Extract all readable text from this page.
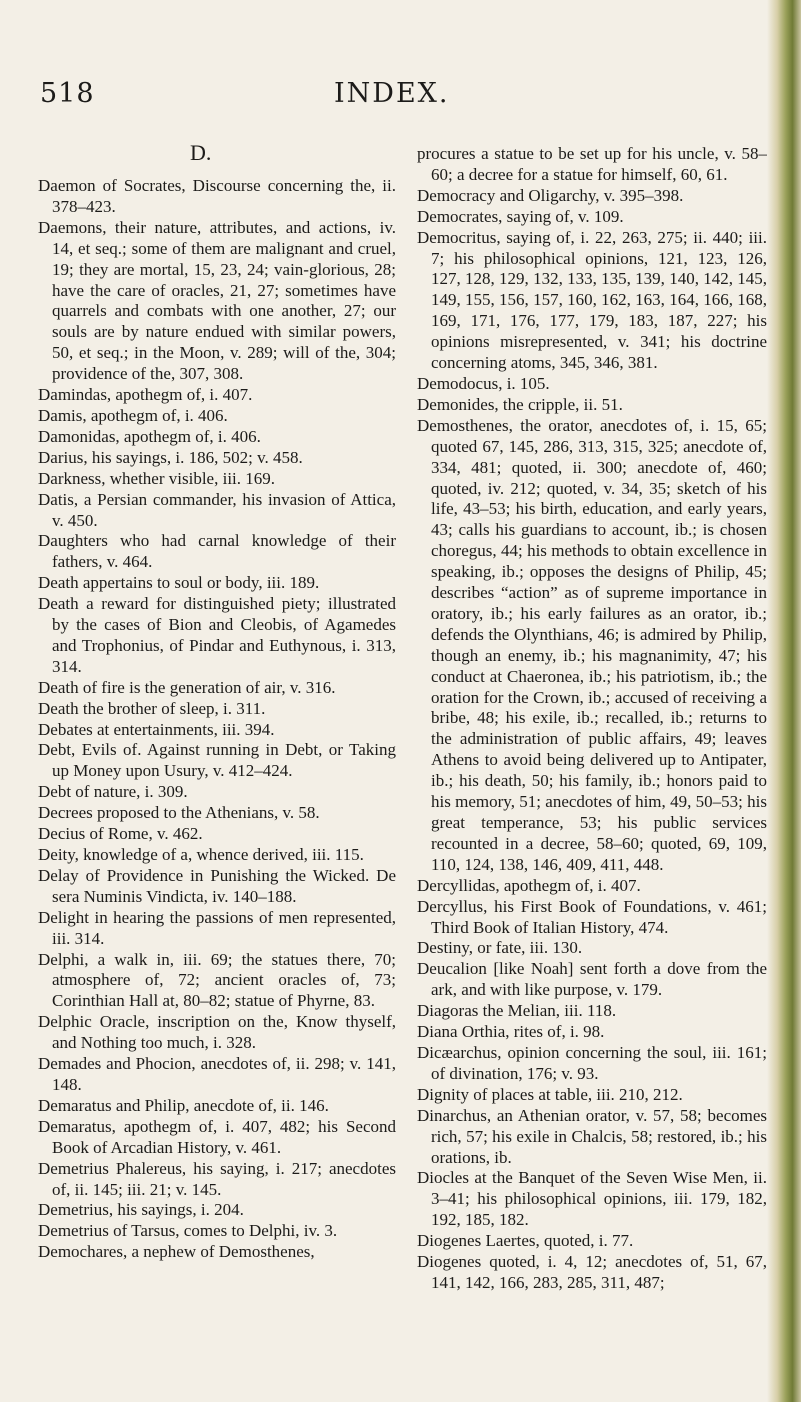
518	INDEX.
D.

Daemon of Socrates, Discourse concerning the, ii. 378–423.

Daemons, their nature, attributes, and actions, iv. 14, et seq.; some of them are malignant and cruel, 19; they are mortal, 15, 23, 24; vain-glorious, 28; have the care of oracles, 21, 27; sometimes have quarrels and combats with one another, 27; our souls are by nature endued with similar powers, 50, et seq.; in the Moon, v. 289; will of the, 304; providence of the, 307, 308.

Damindas, apothegm of, i. 407.

Damis, apothegm of, i. 406.

Damonidas, apothegm of, i. 406.

Darius, his sayings, i. 186, 502; v. 458.

Darkness, whether visible, iii. 169.

Datis, a Persian commander, his invasion of Attica, v. 450.

Daughters who had carnal knowledge of their fathers, v. 464.

Death appertains to soul or body, iii. 189.

Death a reward for distinguished piety; illustrated by the cases of Bion and Cleobis, of Agamedes and Trophonius, of Pindar and Euthynous, i. 313, 314.

Death of fire is the generation of air, v. 316.

Death the brother of sleep, i. 311.

Debates at entertainments, iii. 394.

Debt, Evils of. Against running in Debt, or Taking up Money upon Usury, v. 412–424.

Debt of nature, i. 309.

Decrees proposed to the Athenians, v. 58.

Decius of Rome, v. 462.

Deity, knowledge of a, whence derived, iii. 115.

Delay of Providence in Punishing the Wicked. De sera Numinis Vindicta, iv. 140–188.

Delight in hearing the passions of men represented, iii. 314.

Delphi, a walk in, iii. 69; the statues there, 70; atmosphere of, 72; ancient oracles of, 73; Corinthian Hall at, 80–82; statue of Phyrne, 83.

Delphic Oracle, inscription on the, Know thyself, and Nothing too much, i. 328.

Demades and Phocion, anecdotes of, ii. 298; v. 141, 148.

Demaratus and Philip, anecdote of, ii. 146.

Demaratus, apothegm of, i. 407, 482; his Second Book of Arcadian History, v. 461.

Demetrius Phalereus, his saying, i. 217; anecdotes of, ii. 145; iii. 21; v. 145.

Demetrius, his sayings, i. 204.

Demetrius of Tarsus, comes to Delphi, iv. 3.

Demochares, a nephew of Demosthenes,

procures a statue to be set up for his uncle, v. 58–60; a decree for a statue for himself, 60, 61.

Democracy and Oligarchy, v. 395–398.

Democrates, saying of, v. 109.

Democritus, saying of, i. 22, 263, 275; ii. 440; iii. 7; his philosophical opinions, 121, 123, 126, 127, 128, 129, 132, 133, 135, 139, 140, 142, 145, 149, 155, 156, 157, 160, 162, 163, 164, 166, 168, 169, 171, 176, 177, 179, 183, 187, 227; his opinions misrepresented, v. 341; his doctrine concerning atoms, 345, 346, 381.

Demodocus, i. 105.

Demonides, the cripple, ii. 51.

Demosthenes, the orator, anecdotes of, i. 15, 65; quoted 67, 145, 286, 313, 315, 325; anecdote of, 334, 481; quoted, ii. 300; anecdote of, 460; quoted, iv. 212; quoted, v. 34, 35; sketch of his life, 43–53; his birth, education, and early years, 43; calls his guardians to account, ib.; is chosen choregus, 44; his methods to obtain excellence in speaking, ib.; opposes the designs of Philip, 45; describes “action” as of supreme importance in oratory, ib.; his early failures as an orator, ib.; defends the Olynthians, 46; is admired by Philip, though an enemy, ib.; his magnanimity, 47; his conduct at Chaeronea, ib.; his patriotism, ib.; the oration for the Crown, ib.; accused of receiving a bribe, 48; his exile, ib.; recalled, ib.; returns to the administration of public affairs, 49; leaves Athens to avoid being delivered up to Antipater, ib.; his death, 50; his family, ib.; honors paid to his memory, 51; anecdotes of him, 49, 50–53; his great temperance, 53; his public services recounted in a decree, 58–60; quoted, 69, 109, 110, 124, 138, 146, 409, 411, 448.

Dercyllidas, apothegm of, i. 407.

Dercyllus, his First Book of Foundations, v. 461; Third Book of Italian History, 474.

Destiny, or fate, iii. 130.

Deucalion [like Noah] sent forth a dove from the ark, and with like purpose, v. 179.

Diagoras the Melian, iii. 118.

Diana Orthia, rites of, i. 98.

Dicæarchus, opinion concerning the soul, iii. 161; of divination, 176; v. 93.

Dignity of places at table, iii. 210, 212.

Dinarchus, an Athenian orator, v. 57, 58; becomes rich, 57; his exile in Chalcis, 58; restored, ib.; his orations, ib.

Diocles at the Banquet of the Seven Wise Men, ii. 3–41; his philosophical opinions, iii. 179, 182, 192, 185, 182.

Diogenes Laertes, quoted, i. 77.

Diogenes quoted, i. 4, 12; anecdotes of, 51, 67, 141, 142, 166, 283, 285, 311, 487;
